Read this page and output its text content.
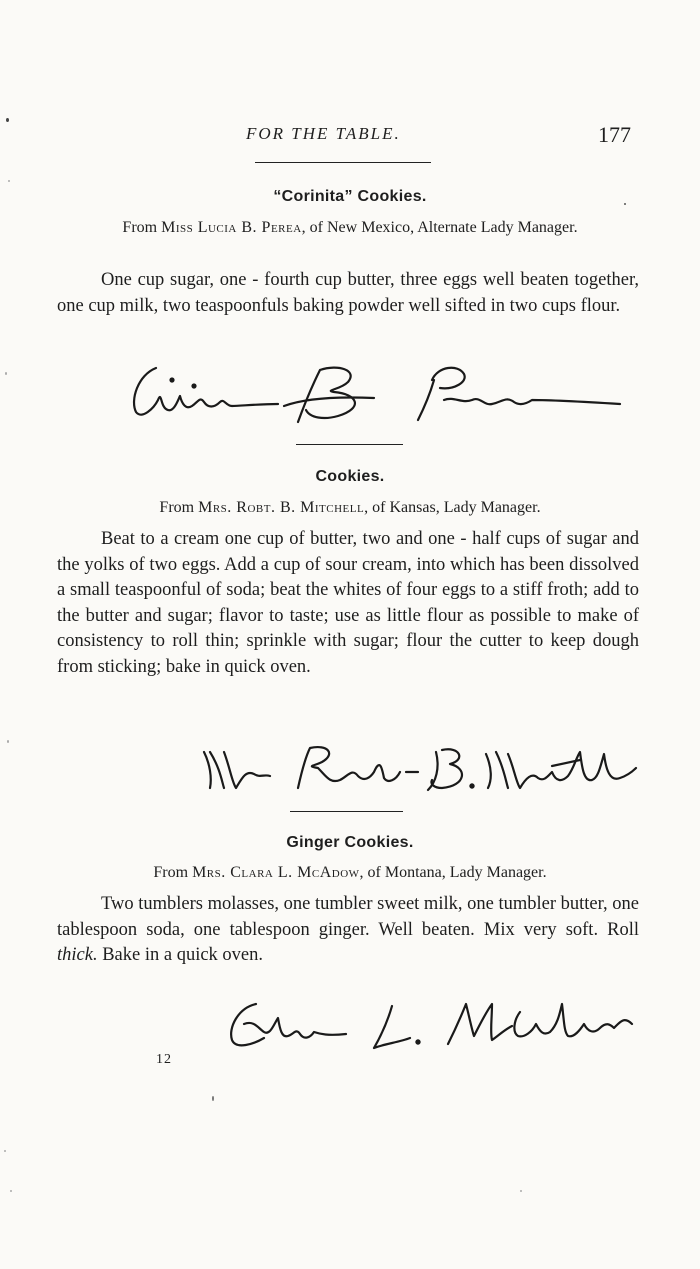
FOR THE TABLE.	177
“Corinita” Cookies.
From Miss Lucia B. Perea, of New Mexico, Alternate Lady Manager.
One cup sugar, one - fourth cup butter, three eggs well beaten together, one cup milk, two teaspoonfuls baking powder well sifted in two cups flour.
Cookies.
From Mrs. Robt. B. Mitchell, of Kansas, Lady Manager.
Beat to a cream one cup of butter, two and one - half cups of sugar and the yolks of two eggs. Add a cup of sour cream, into which has been dissolved a small teaspoonful of soda; beat the whites of four eggs to a stiff froth; add to the butter and sugar; flavor to taste; use as little flour as possible to make of consistency to roll thin; sprinkle with sugar; flour the cutter to keep dough from sticking; bake in quick oven.
Ginger Cookies.
From Mrs. Clara L. McAdow, of Montana, Lady Manager.
Two tumblers molasses, one tumbler sweet milk, one tumbler butter, one tablespoon soda, one tablespoon ginger. Well beaten. Mix very soft. Roll thick. Bake in a quick oven.
12
